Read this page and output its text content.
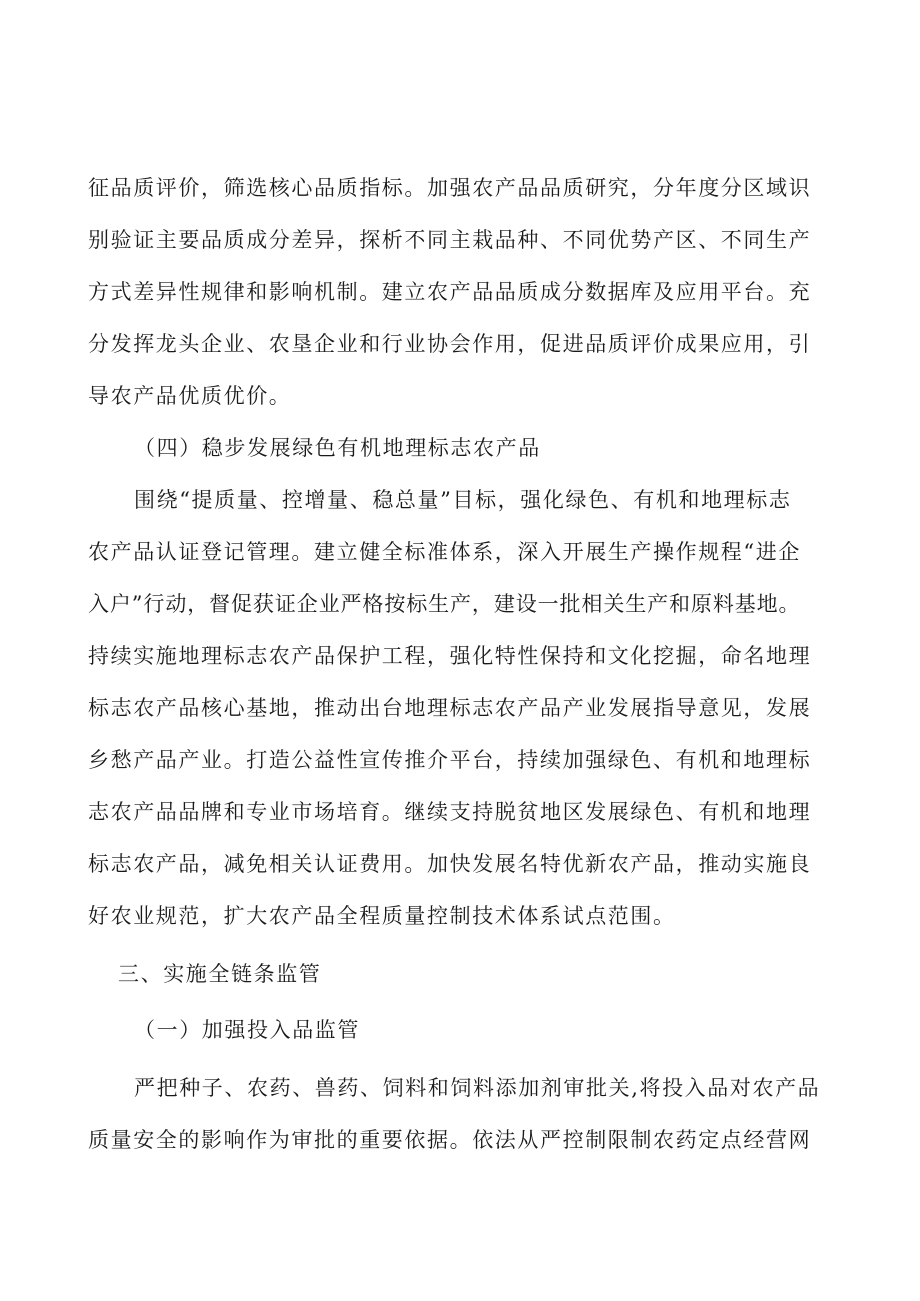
征品质评价，筛选核心品质指标。加强农产品品质研究，分年度分区域识
别验证主要品质成分差异，探析不同主栽品种、不同优势产区、不同生产
方式差异性规律和影响机制。建立农产品品质成分数据库及应用平台。充
分发挥龙头企业、农垦企业和行业协会作用，促进品质评价成果应用，引
导农产品优质优价。
（四）稳步发展绿色有机地理标志农产品
围绕“提质量、控增量、稳总量”目标，强化绿色、有机和地理标志
农产品认证登记管理。建立健全标准体系，深入开展生产操作规程“进企
入户”行动，督促获证企业严格按标生产，建设一批相关生产和原料基地。
持续实施地理标志农产品保护工程，强化特性保持和文化挖掘，命名地理
标志农产品核心基地，推动出台地理标志农产品产业发展指导意见，发展
乡愁产品产业。打造公益性宣传推介平台，持续加强绿色、有机和地理标
志农产品品牌和专业市场培育。继续支持脱贫地区发展绿色、有机和地理
标志农产品，减免相关认证费用。加快发展名特优新农产品，推动实施良
好农业规范，扩大农产品全程质量控制技术体系试点范围。
三、实施全链条监管
（一）加强投入品监管
严把种子、农药、兽药、饲料和饲料添加剂审批关,将投入品对农产品
质量安全的影响作为审批的重要依据。依法从严控制限制农药定点经营网
